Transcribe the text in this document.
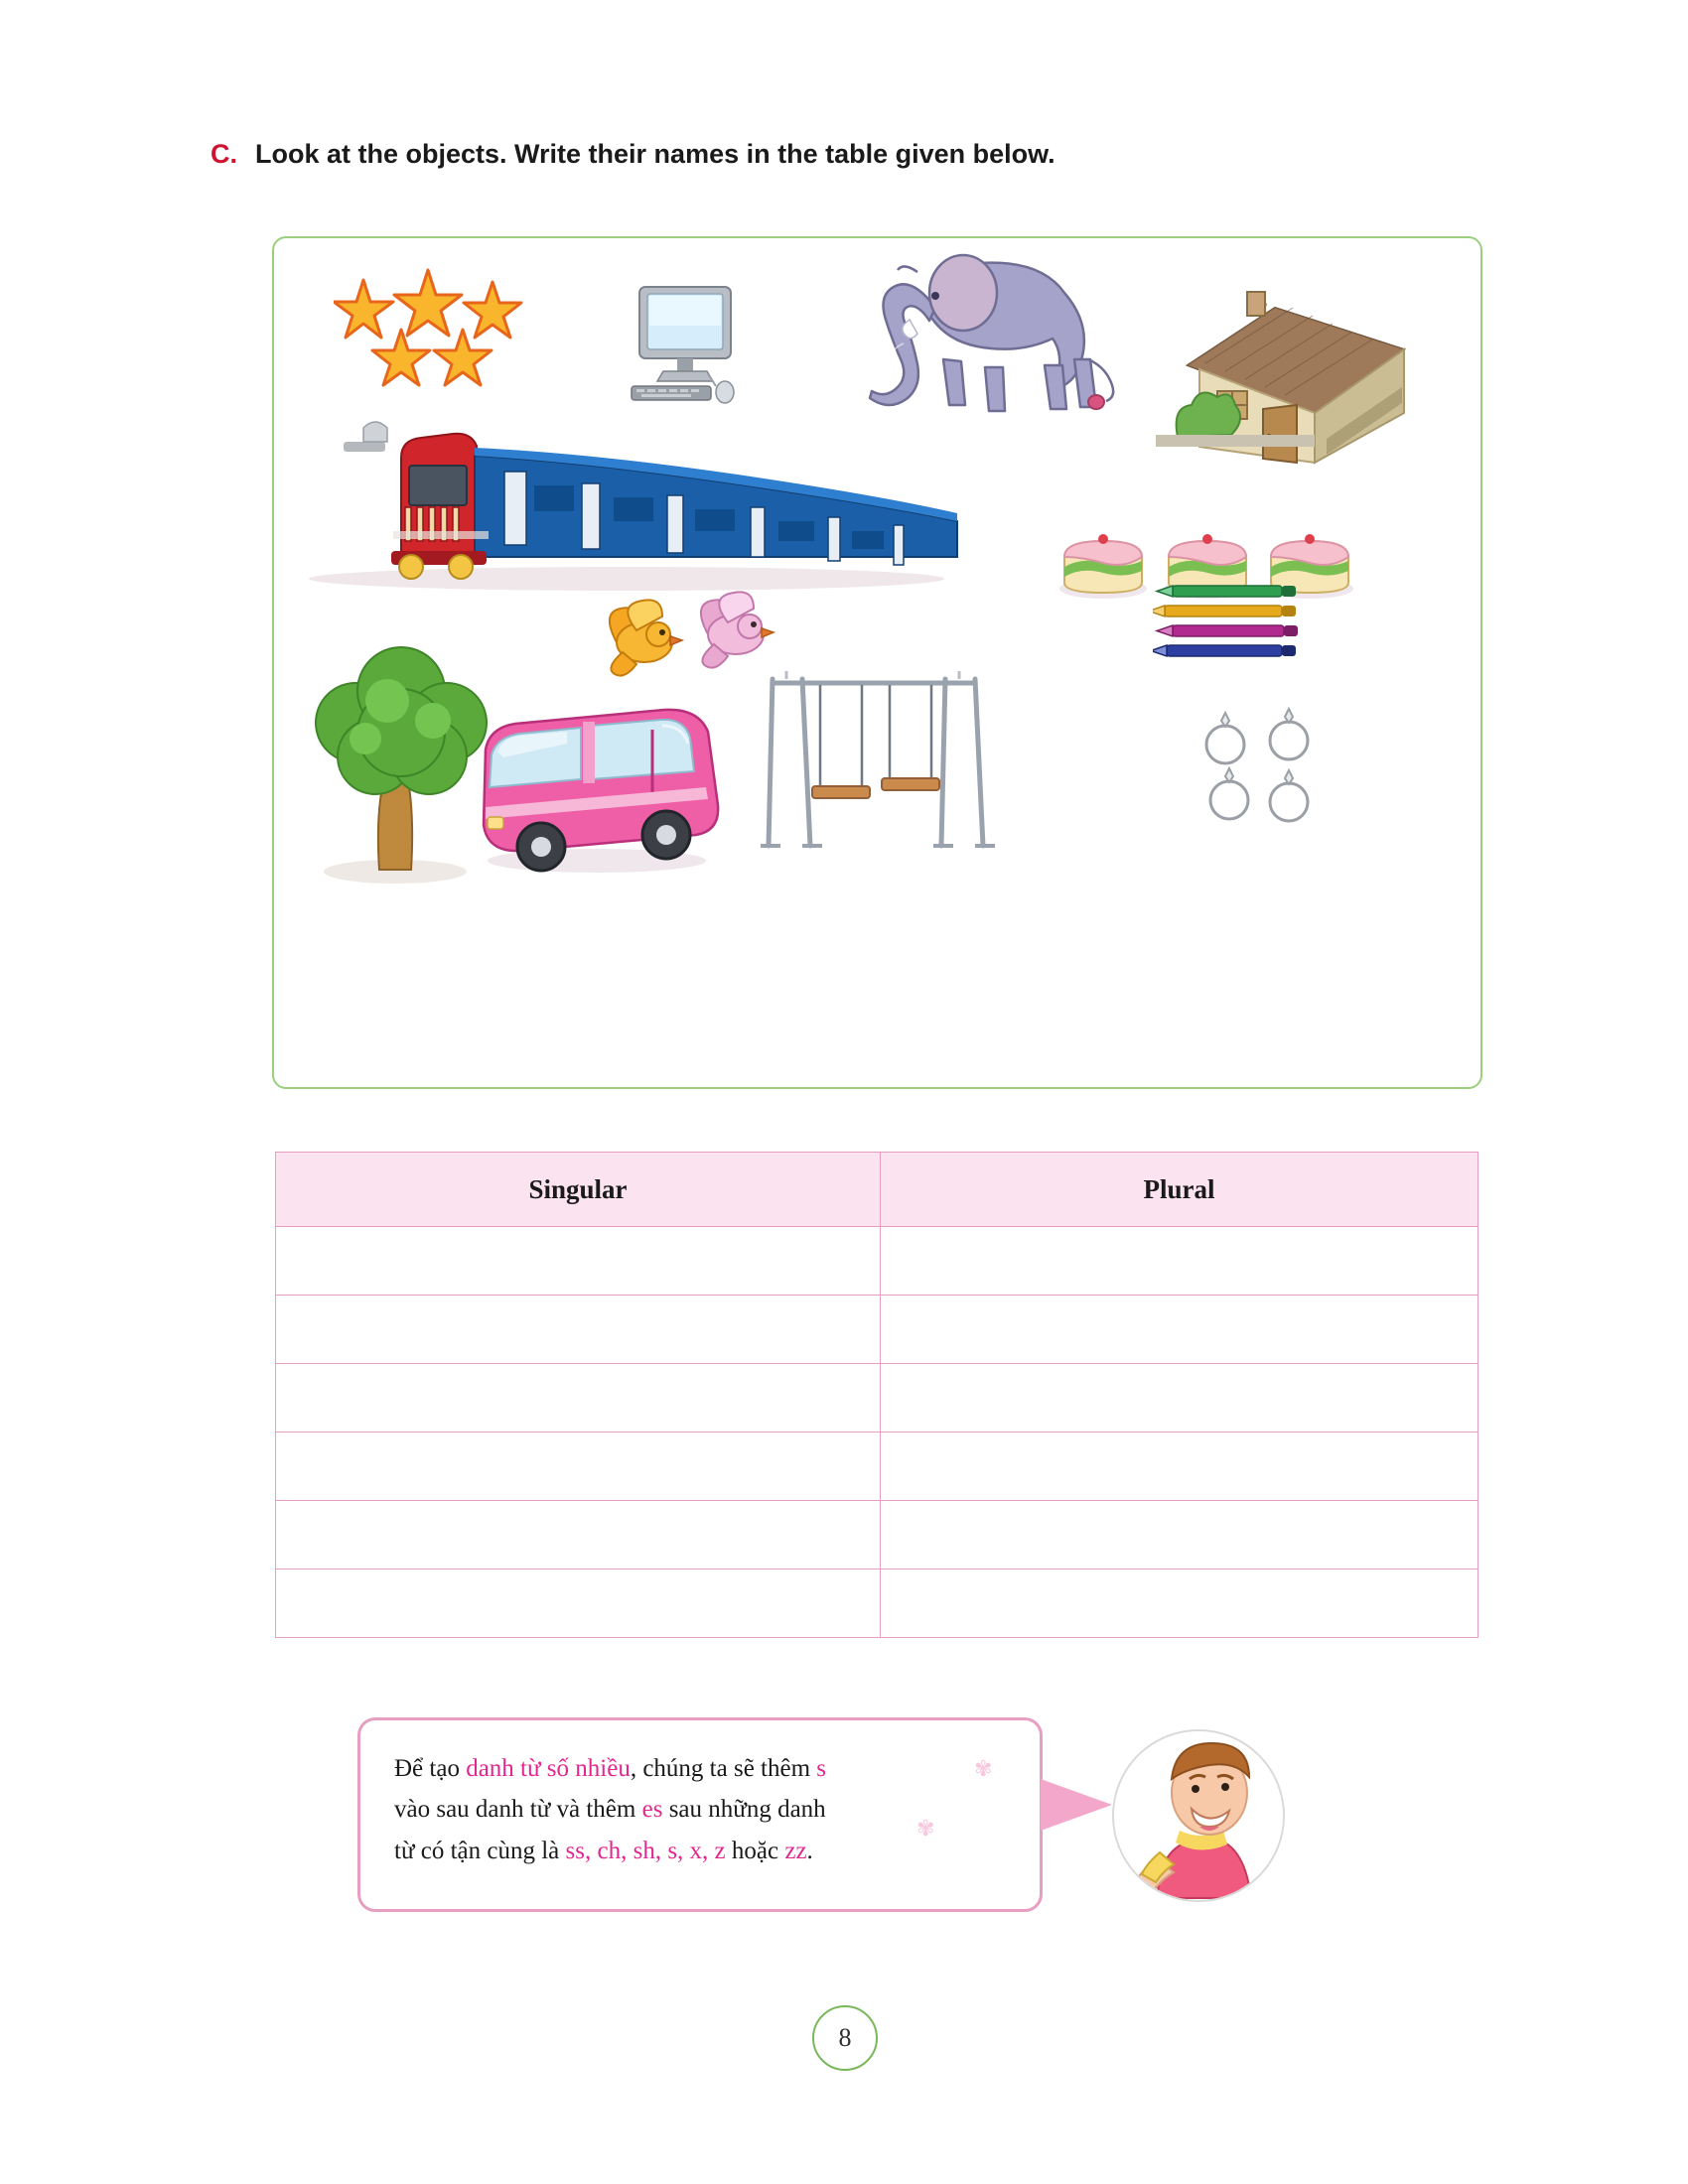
C. Look at the objects. Write their names in the table given below.
Singular	Plural

Để tạo danh từ số nhiều, chúng ta sẽ thêm s
vào sau danh từ và thêm es sau những danh
từ có tận cùng là ss, ch, sh, s, x, z hoặc zz.
✾
✾
8
